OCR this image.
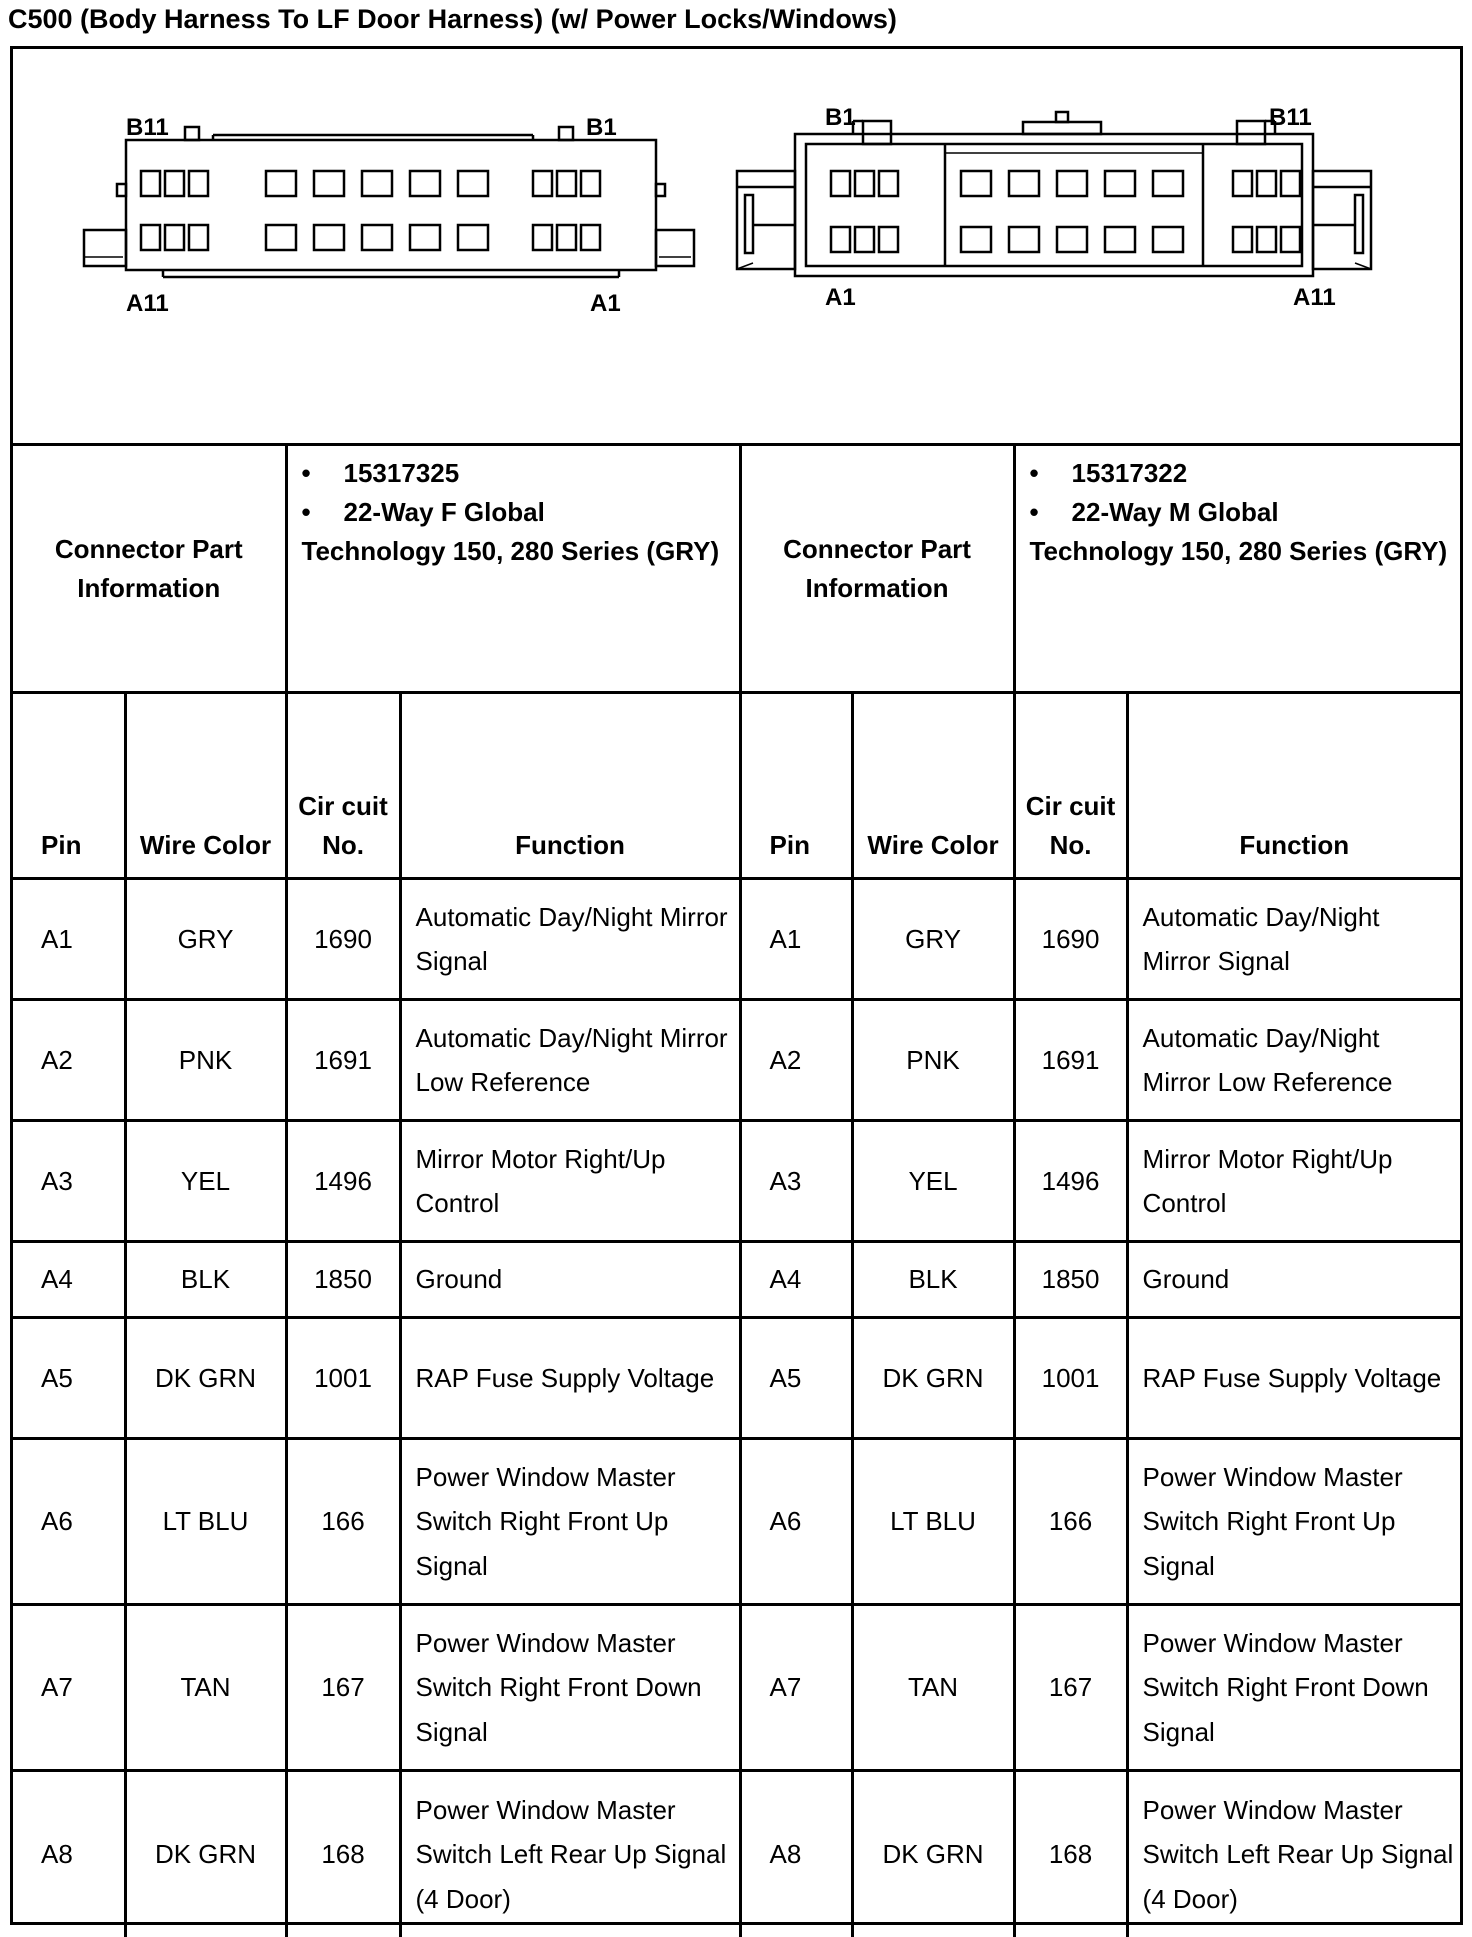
C500 (Body Harness To LF Door Harness) (w/ Power Locks/Windows)
B11	B1
A11	A1
B1	B11
A1	A11
Connector Part Information		• 15317325
• 22-Way F Global
Technology 150, 280 Series (GRY)		Connector Part Information		• 15317322
• 22-Way M Global
Technology 150, 280 Series (GRY)	
Pin	Wire Color	Cir cuit No.	Function	Pin	Wire Color	Cir cuit No.	Function
A1	GRY	1690	Automatic Day/Night Mirror Signal	A1	GRY	1690	Automatic Day/Night Mirror Signal
A2	PNK	1691	Automatic Day/Night Mirror Low Reference	A2	PNK	1691	Automatic Day/Night Mirror Low Reference
A3	YEL	1496	Mirror Motor Right/Up Control	A3	YEL	1496	Mirror Motor Right/Up Control
A4	BLK	1850	Ground	A4	BLK	1850	Ground
A5	DK GRN	1001	RAP Fuse Supply Voltage	A5	DK GRN	1001	RAP Fuse Supply Voltage
A6	LT BLU	166	Power Window Master Switch Right Front Up Signal	A6	LT BLU	166	Power Window Master Switch Right Front Up Signal
A7	TAN	167	Power Window Master Switch Right Front Down Signal	A7	TAN	167	Power Window Master Switch Right Front Down Signal
A8	DK GRN	168	Power Window Master Switch Left Rear Up Signal (4 Door)	A8	DK GRN	168	Power Window Master Switch Left Rear Up Signal (4 Door)
